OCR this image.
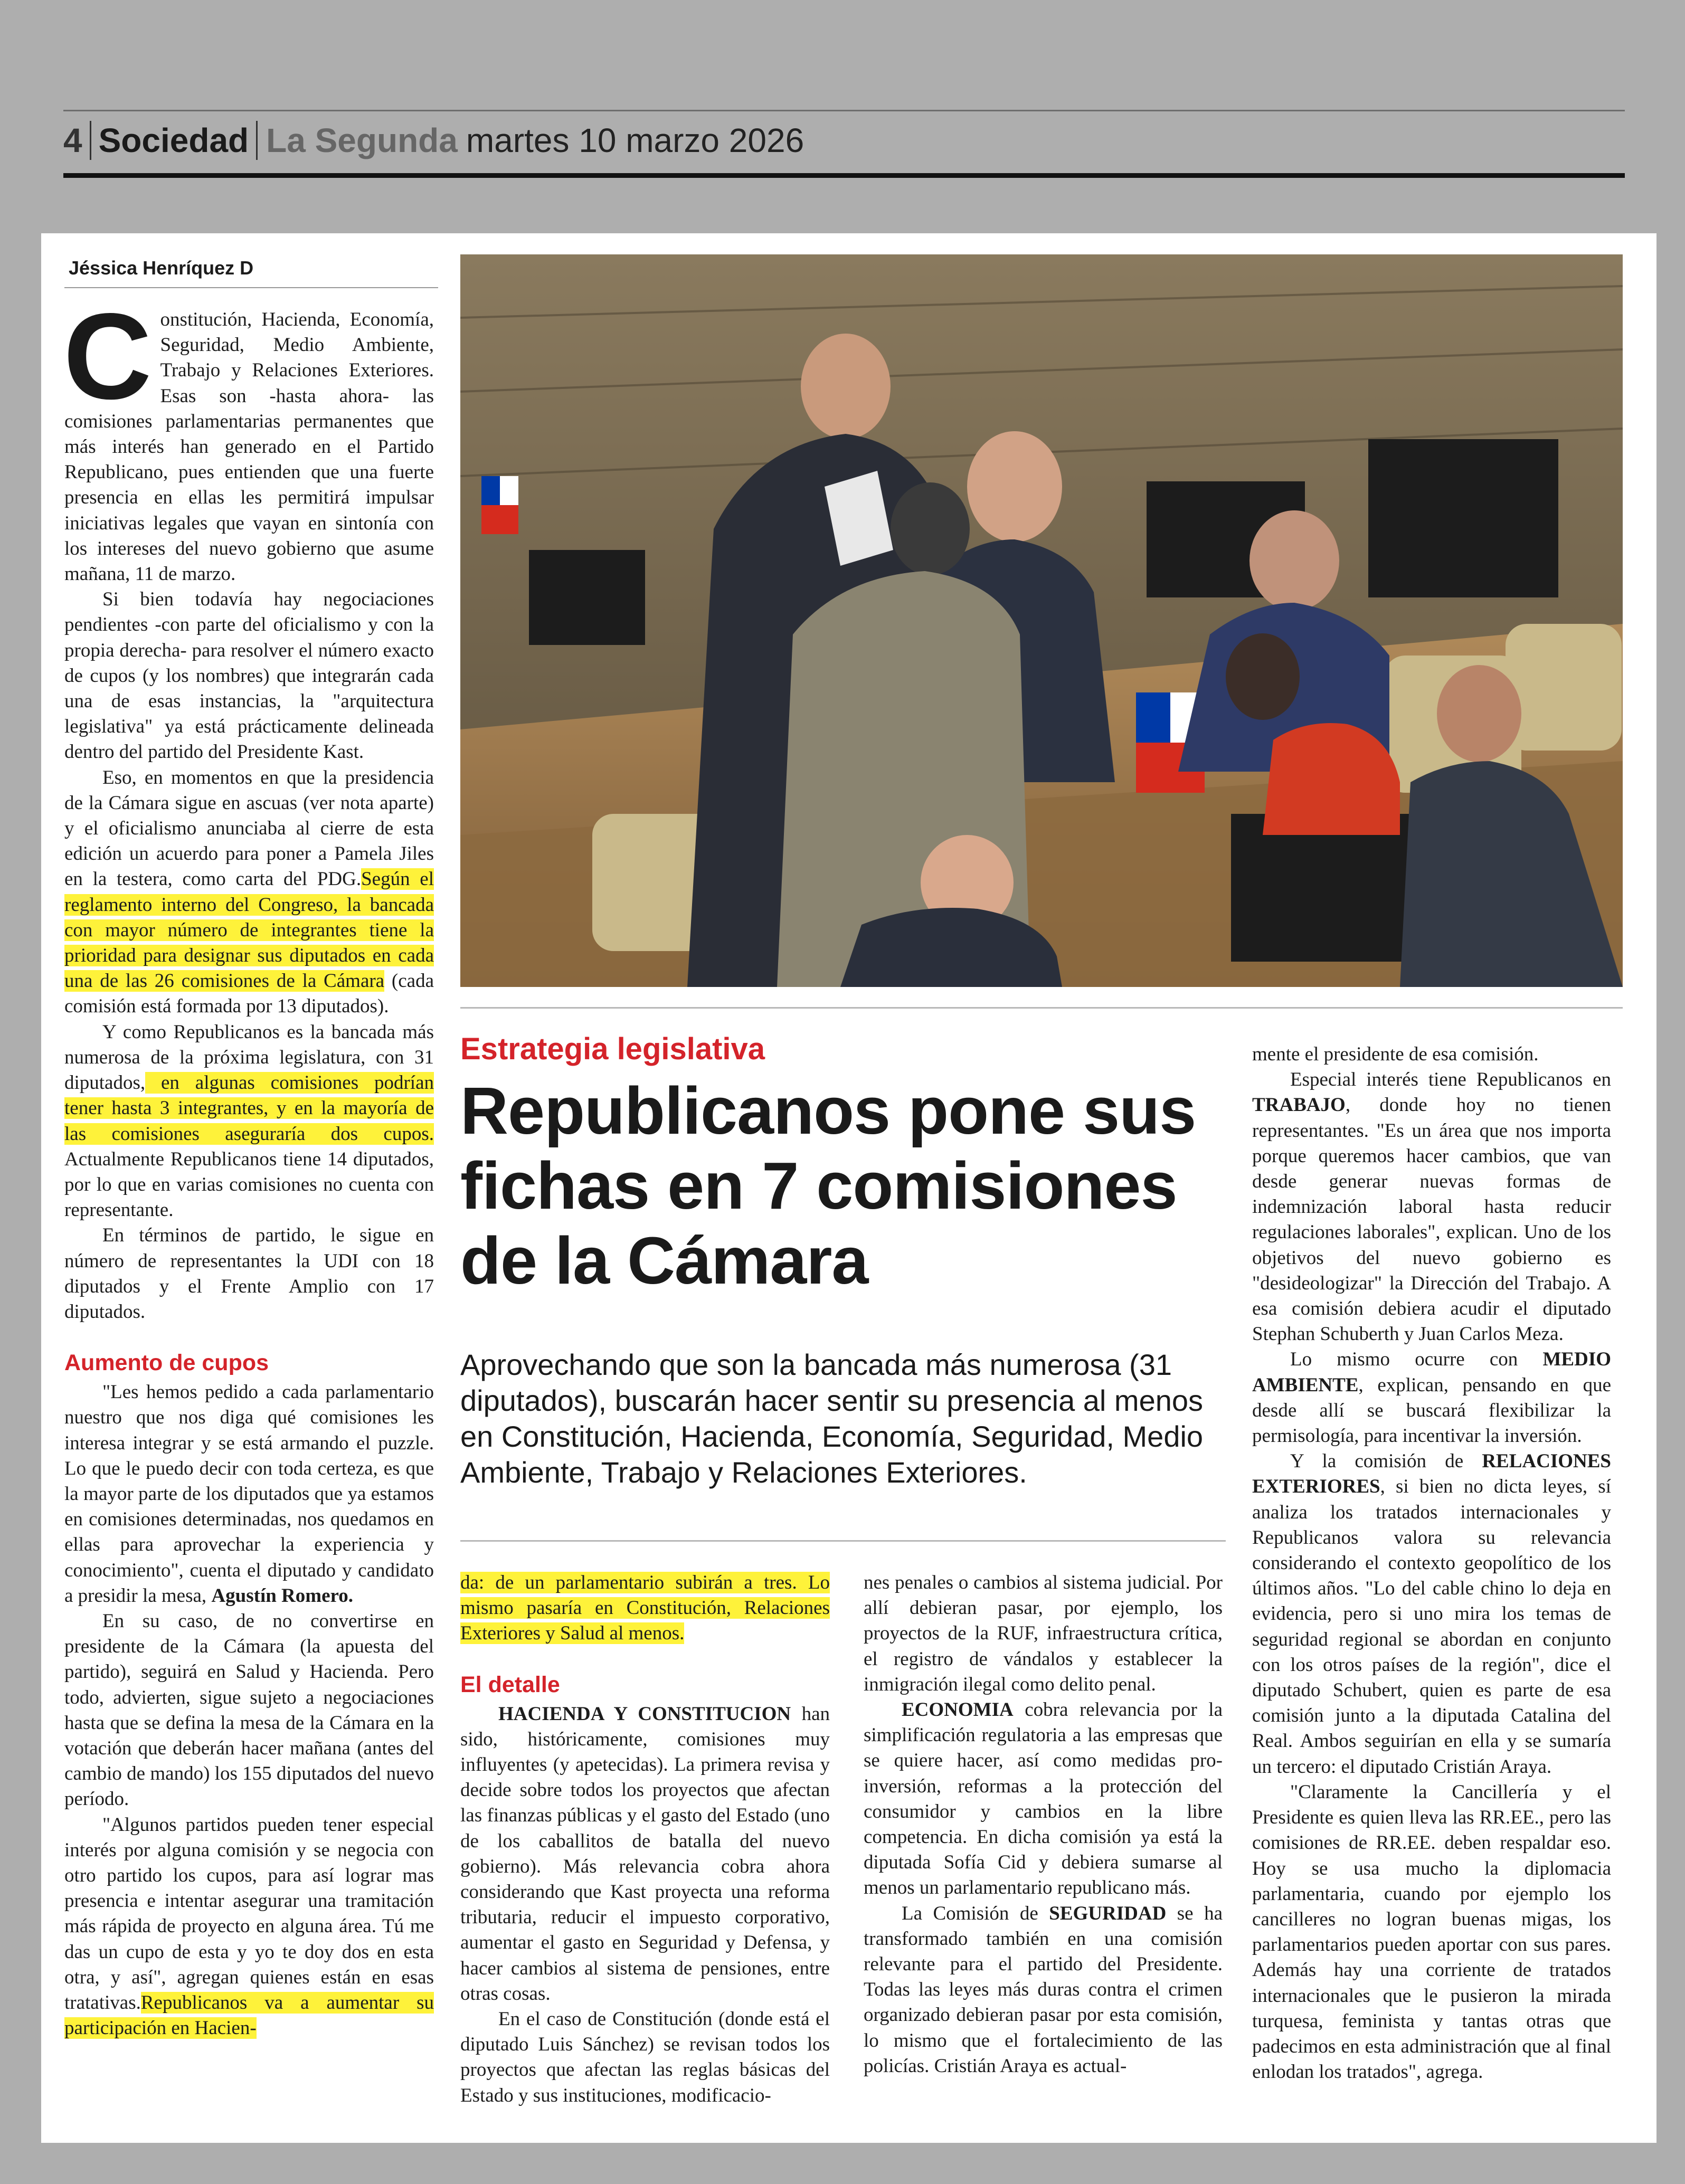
4 Sociedad La Segunda martes 10 marzo 2026
Jéssica Henríquez D

Constitución, Hacienda, Economía, Seguridad, Medio Ambiente, Trabajo y Relaciones Exteriores. Esas son -hasta ahora- las comisiones parlamentarias permanentes que más interés han generado en el Partido Republicano, pues entienden que una fuerte presencia en ellas les permitirá impulsar iniciativas legales que vayan en sintonía con los intereses del nuevo gobierno que asume mañana, 11 de marzo.

Si bien todavía hay negociaciones pendientes -con parte del oficialismo y con la propia derecha- para resolver el número exacto de cupos (y los nombres) que integrarán cada una de esas instancias, la "arquitectura legislativa" ya está prácticamente delineada dentro del partido del Presidente Kast.

Eso, en momentos en que la presidencia de la Cámara sigue en ascuas (ver nota aparte) y el oficialismo anunciaba al cierre de esta edición un acuerdo para poner a Pamela Jiles en la testera, como carta del PDG.Según el reglamento interno del Congreso, la bancada con mayor número de integrantes tiene la prioridad para designar sus diputados en cada una de las 26 comisiones de la Cámara (cada comisión está formada por 13 diputados).

Y como Republicanos es la bancada más numerosa de la próxima legislatura, con 31 diputados, en algunas comisiones podrían tener hasta 3 integrantes, y en la mayoría de las comisiones aseguraría dos cupos. Actualmente Republicanos tiene 14 diputados, por lo que en varias comisiones no cuenta con representante.

En términos de partido, le sigue en número de representantes la UDI con 18 diputados y el Frente Amplio con 17 diputados.

Aumento de cupos

"Les hemos pedido a cada parlamentario nuestro que nos diga qué comisiones les interesa integrar y se está armando el puzzle. Lo que le puedo decir con toda certeza, es que la mayor parte de los diputados que ya estamos en comisiones determinadas, nos quedamos en ellas para aprovechar la experiencia y conocimiento", cuenta el diputado y candidato a presidir la mesa, Agustín Romero.

En su caso, de no convertirse en presidente de la Cámara (la apuesta del partido), seguirá en Salud y Hacienda. Pero todo, advierten, sigue sujeto a negociaciones hasta que se defina la mesa de la Cámara en la votación que deberán hacer mañana (antes del cambio de mando) los 155 diputados del nuevo período.

"Algunos partidos pueden tener especial interés por alguna comisión y se negocia con otro partido los cupos, para así lograr mas presencia e intentar asegurar una tramitación más rápida de proyecto en alguna área. Tú me das un cupo de esta y yo te doy dos en esta otra, y así", agregan quienes están en esas tratativas.Republicanos va a aumentar su participación en Hacien-

Estrategia legislativa
Republicanos pone sus fichas en 7 comisiones de la Cámara
Aprovechando que son la bancada más numerosa (31 diputados), buscarán hacer sentir su presencia al menos en Constitución, Hacienda, Economía, Seguridad, Medio Ambiente, Trabajo y Relaciones Exteriores.

da: de un parlamentario subirán a tres. Lo mismo pasaría en Constitución, Relaciones Exteriores y Salud al menos.

El detalle

HACIENDA Y CONSTITUCION han sido, históricamente, comisiones muy influyentes (y apetecidas). La primera revisa y decide sobre todos los proyectos que afectan las finanzas públicas y el gasto del Estado (uno de los caballitos de batalla del nuevo gobierno). Más relevancia cobra ahora considerando que Kast proyecta una reforma tributaria, reducir el impuesto corporativo, aumentar el gasto en Seguridad y Defensa, y hacer cambios al sistema de pensiones, entre otras cosas.

En el caso de Constitución (donde está el diputado Luis Sánchez) se revisan todos los proyectos que afectan las reglas básicas del Estado y sus instituciones, modificacio-

nes penales o cambios al sistema judicial. Por allí debieran pasar, por ejemplo, los proyectos de la RUF, infraestructura crítica, el registro de vándalos y establecer la inmigración ilegal como delito penal.

ECONOMIA cobra relevancia por la simplificación regulatoria a las empresas que se quiere hacer, así como medidas pro-inversión, reformas a la protección del consumidor y cambios en la libre competencia. En dicha comisión ya está la diputada Sofía Cid y debiera sumarse al menos un parlamentario republicano más.

La Comisión de SEGURIDAD se ha transformado también en una comisión relevante para el partido del Presidente. Todas las leyes más duras contra el crimen organizado debieran pasar por esta comisión, lo mismo que el fortalecimiento de las policías. Cristián Araya es actual-

mente el presidente de esa comisión.

Especial interés tiene Republicanos en TRABAJO, donde hoy no tienen representantes. "Es un área que nos importa porque queremos hacer cambios, que van desde generar nuevas formas de indemnización laboral hasta reducir regulaciones laborales", explican. Uno de los objetivos del nuevo gobierno es "desideologizar" la Dirección del Trabajo. A esa comisión debiera acudir el diputado Stephan Schuberth y Juan Carlos Meza.

Lo mismo ocurre con MEDIO AMBIENTE, explican, pensando en que desde allí se buscará flexibilizar la permisología, para incentivar la inversión.

Y la comisión de RELACIONES EXTERIORES, si bien no dicta leyes, sí analiza los tratados internacionales y Republicanos valora su relevancia considerando el contexto geopolítico de los últimos años. "Lo del cable chino lo deja en evidencia, pero si uno mira los temas de seguridad regional se abordan en conjunto con los otros países de la región", dice el diputado Schubert, quien es parte de esa comisión junto a la diputada Catalina del Real. Ambos seguirían en ella y se sumaría un tercero: el diputado Cristián Araya.

"Claramente la Cancillería y el Presidente es quien lleva las RR.EE., pero las comisiones de RR.EE. deben respaldar eso. Hoy se usa mucho la diplomacia parlamentaria, cuando por ejemplo los cancilleres no logran buenas migas, los parlamentarios pueden aportar con sus pares. Además hay una corriente de tratados internacionales que le pusieron la mirada turquesa, feminista y tantas otras que padecimos en esta administración que al final enlodan los tratados", agrega.
